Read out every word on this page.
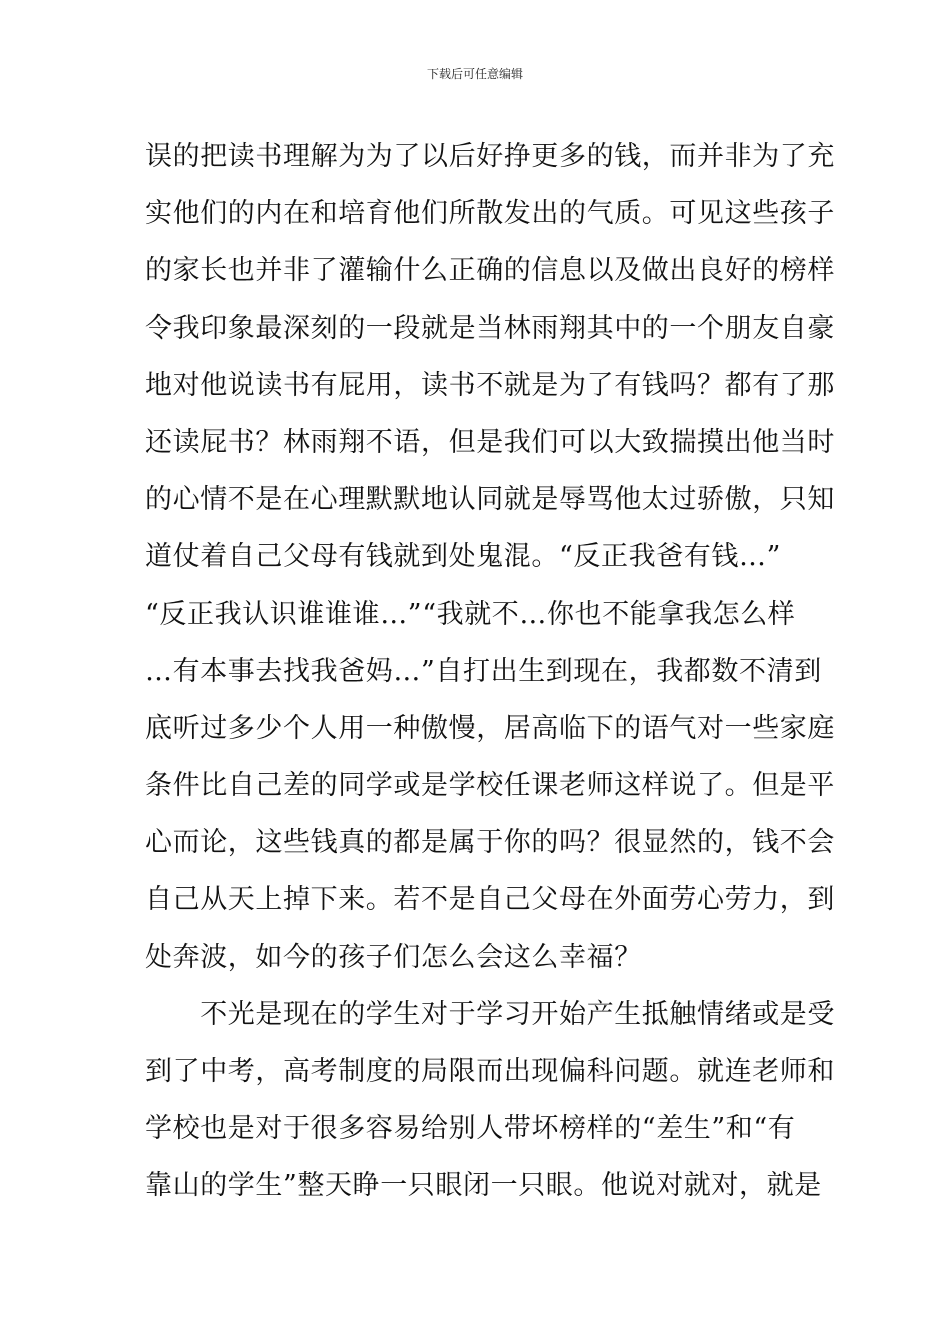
下载后可任意编辑
误的把读书理解为为了以后好挣更多的钱，而并非为了充
实他们的内在和培育他们所散发出的气质。可见这些孩子
的家长也并非了灌输什么正确的信息以及做出良好的榜样
令我印象最深刻的一段就是当林雨翔其中的一个朋友自豪
地对他说读书有屁用，读书不就是为了有钱吗？都有了那
还读屁书？林雨翔不语，但是我们可以大致揣摸出他当时
的心情不是在心理默默地认同就是辱骂他太过骄傲，只知
道仗着自己父母有钱就到处鬼混。“反正我爸有钱…”
“反正我认识谁谁谁…”“我就不…你也不能拿我怎么样
…有本事去找我爸妈…”自打出生到现在，我都数不清到
底听过多少个人用一种傲慢，居高临下的语气对一些家庭
条件比自己差的同学或是学校任课老师这样说了。但是平
心而论，这些钱真的都是属于你的吗？很显然的，钱不会
自己从天上掉下来。若不是自己父母在外面劳心劳力，到
处奔波，如今的孩子们怎么会这么幸福？
　　不光是现在的学生对于学习开始产生抵触情绪或是受
到了中考，高考制度的局限而出现偏科问题。就连老师和
学校也是对于很多容易给别人带坏榜样的“差生”和“有
靠山的学生”整天睁一只眼闭一只眼。他说对就对，就是
